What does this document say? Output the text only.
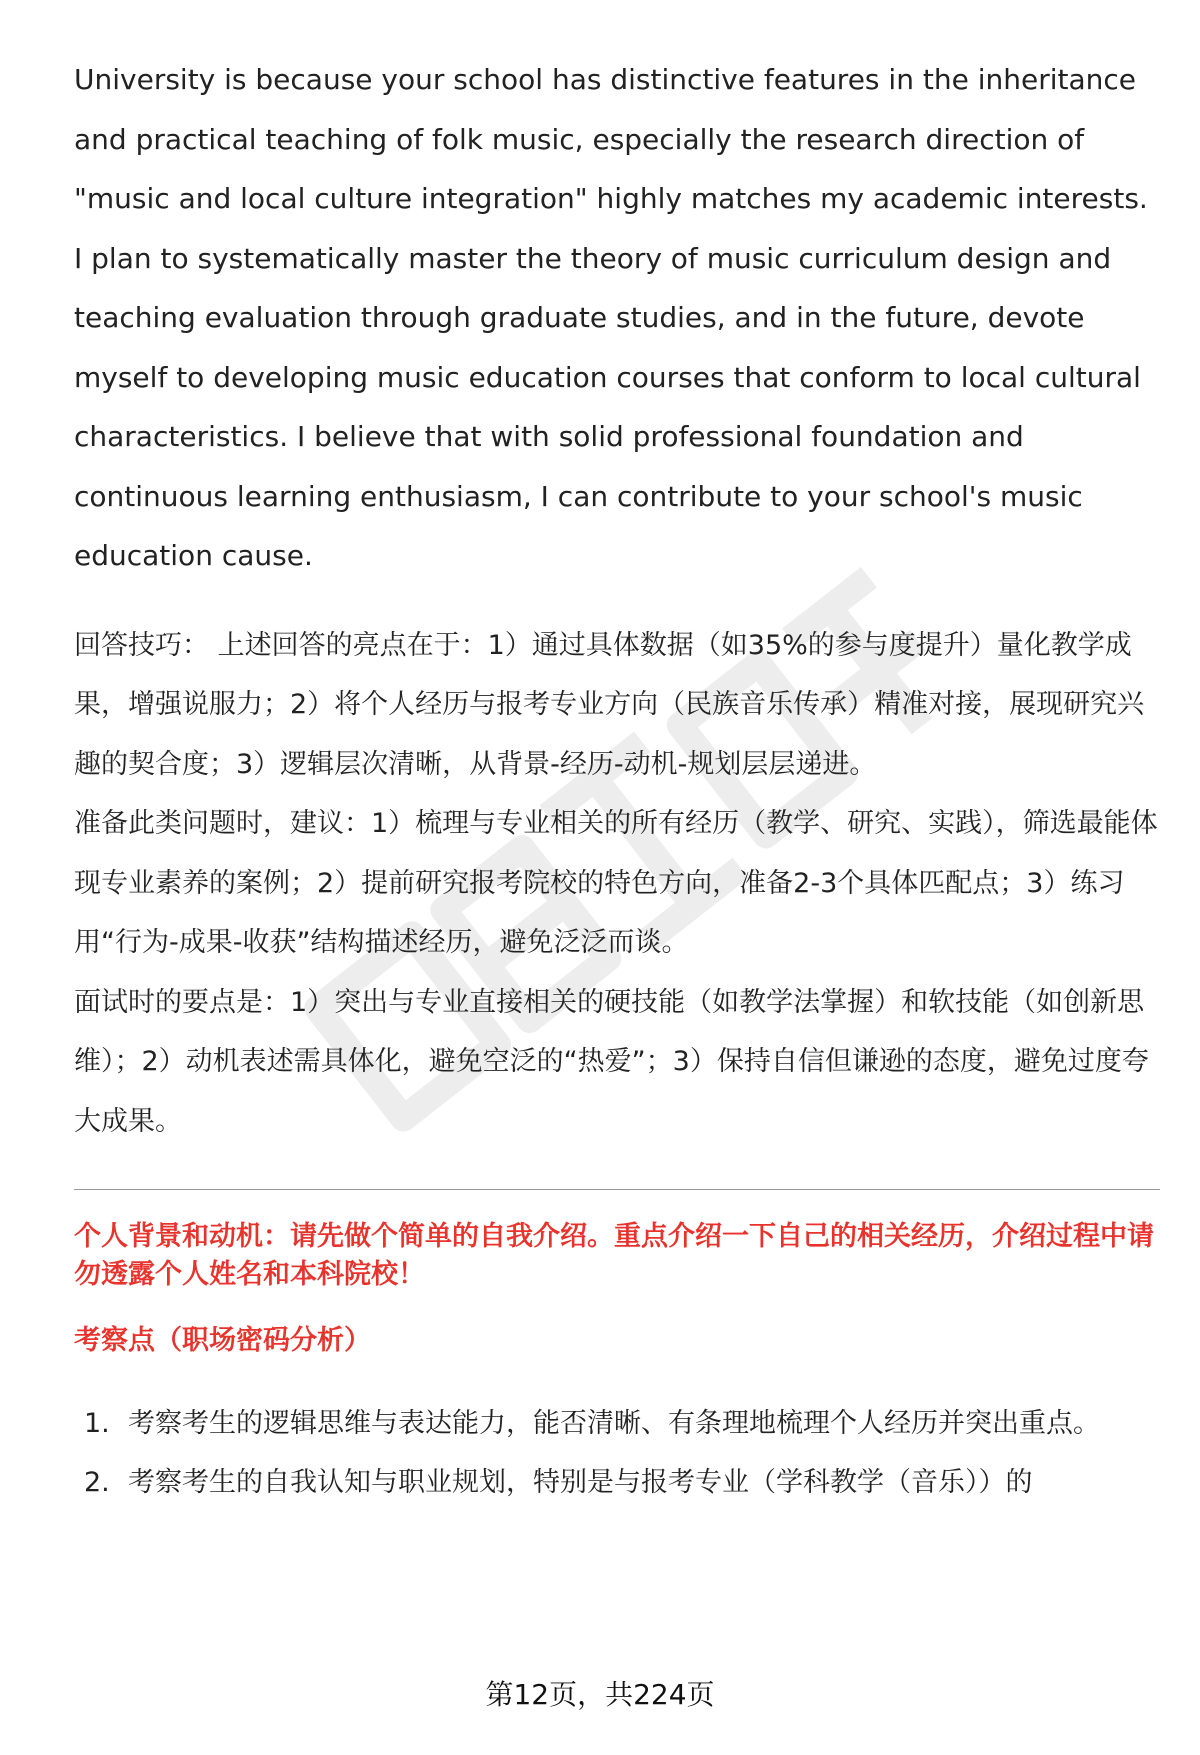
University is because your school has distinctive features in the inheritance and practical teaching of folk music, especially the research direction of "music and local culture integration" highly matches my academic interests. I plan to systematically master the theory of music curriculum design and teaching evaluation through graduate studies, and in the future, devote myself to developing music education courses that conform to local cultural characteristics. I believe that with solid professional foundation and continuous learning enthusiasm, I can contribute to your school's music education cause.

回答技巧： 上述回答的亮点在于：1）通过具体数据（如35%的参与度提升）量化教学成果，增强说服力；2）将个人经历与报考专业方向（民族音乐传承）精准对接，展现研究兴趣的契合度；3）逻辑层次清晰，从背景-经历-动机-规划层层递进。

准备此类问题时，建议：1）梳理与专业相关的所有经历（教学、研究、实践），筛选最能体现专业素养的案例；2）提前研究报考院校的特色方向，准备2-3个具体匹配点；3）练习用“行为-成果-收获”结构描述经历，避免泛泛而谈。

面试时的要点是：1）突出与专业直接相关的硬技能（如教学法掌握）和软技能（如创新思维）；2）动机表述需具体化，避免空泛的“热爱”；3）保持自信但谦逊的态度，避免过度夸大成果。

个人背景和动机：请先做个简单的自我介绍。重点介绍一下自己的相关经历，介绍过程中请勿透露个人姓名和本科院校！
考察点（职场密码分析）
1. 考察考生的逻辑思维与表达能力，能否清晰、有条理地梳理个人经历并突出重点。
2. 考察考生的自我认知与职业规划，特别是与报考专业（学科教学（音乐））的
第12页，共224页
